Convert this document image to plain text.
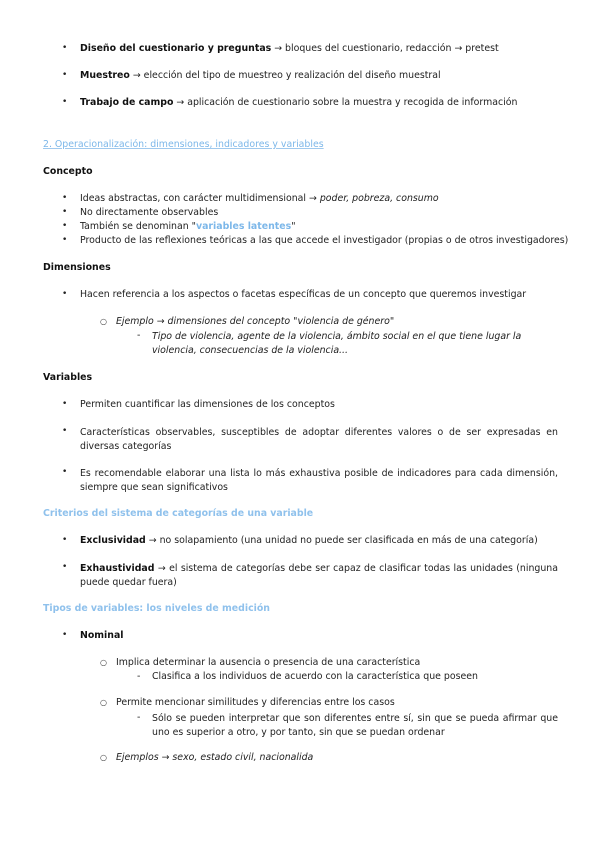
• Diseño del cuestionario y preguntas → bloques del cuestionario, redacción → pretest
• Muestreo → elección del tipo de muestreo y realización del diseño muestral
• Trabajo de campo → aplicación de cuestionario sobre la muestra y recogida de información
2. Operacionalización: dimensiones, indicadores y variables
Concepto
• Ideas abstractas, con carácter multidimensional → poder, pobreza, consumo
• No directamente observables
• También se denominan "variables latentes"
• Producto de las reflexiones teóricas a las que accede el investigador (propias o de otros investigadores)
Dimensiones
• Hacen referencia a los aspectos o facetas específicas de un concepto que queremos investigar
○ Ejemplo → dimensiones del concepto "violencia de género"
- Tipo de violencia, agente de la violencia, ámbito social en el que tiene lugar la violencia, consecuencias de la violencia...
Variables
• Permiten cuantificar las dimensiones de los conceptos
• Características observables, susceptibles de adoptar diferentes valores o de ser expresadas en diversas categorías
• Es recomendable elaborar una lista lo más exhaustiva posible de indicadores para cada dimensión, siempre que sean significativos
Criterios del sistema de categorías de una variable
• Exclusividad → no solapamiento (una unidad no puede ser clasificada en más de una categoría)
• Exhaustividad → el sistema de categorías debe ser capaz de clasificar todas las unidades (ninguna puede quedar fuera)
Tipos de variables: los niveles de medición
• Nominal
○ Implica determinar la ausencia o presencia de una característica
- Clasifica a los individuos de acuerdo con la característica que poseen
○ Permite mencionar similitudes y diferencias entre los casos
- Sólo se pueden interpretar que son diferentes entre sí, sin que se pueda afirmar que uno es superior a otro, y por tanto, sin que se puedan ordenar
○ Ejemplos → sexo, estado civil, nacionalida
